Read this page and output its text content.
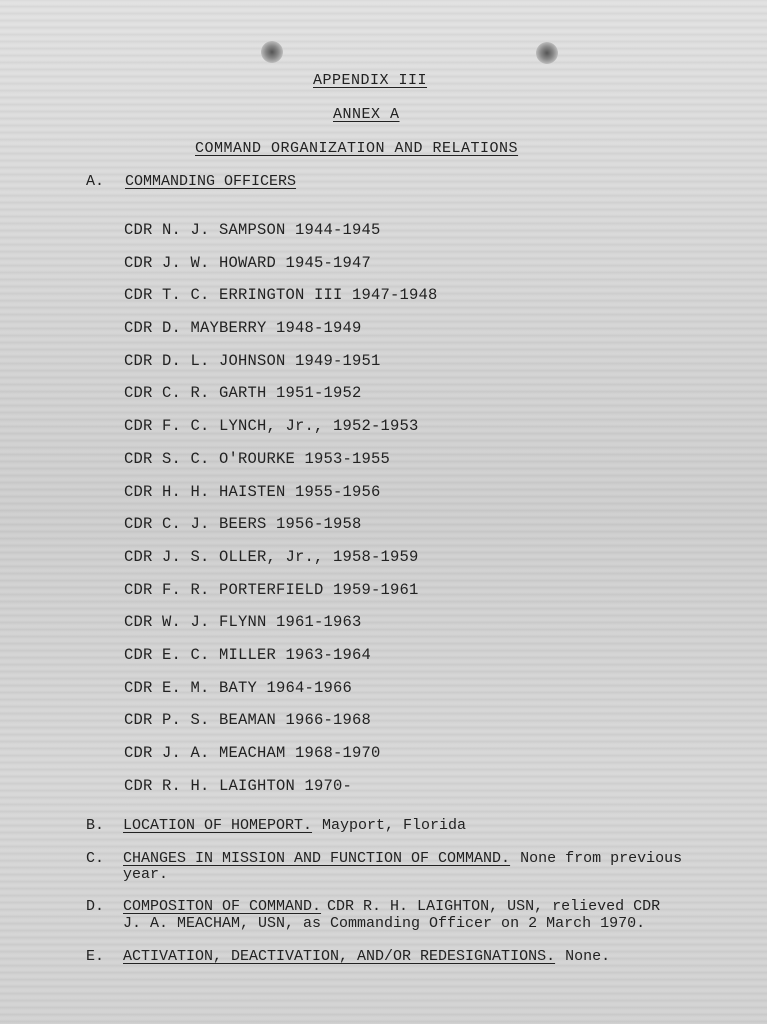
APPENDIX III
ANNEX A
COMMAND ORGANIZATION AND RELATIONS
A. COMMANDING OFFICERS
CDR N. J. SAMPSON 1944-1945
CDR J. W. HOWARD 1945-1947
CDR T. C. ERRINGTON III 1947-1948
CDR D. MAYBERRY 1948-1949
CDR D. L. JOHNSON 1949-1951
CDR C. R. GARTH 1951-1952
CDR F. C. LYNCH, Jr., 1952-1953
CDR S. C. O'ROURKE 1953-1955
CDR H. H. HAISTEN 1955-1956
CDR C. J. BEERS 1956-1958
CDR J. S. OLLER, Jr., 1958-1959
CDR F. R. PORTERFIELD 1959-1961
CDR W. J. FLYNN 1961-1963
CDR E. C. MILLER 1963-1964
CDR E. M. BATY 1964-1966
CDR P. S. BEAMAN 1966-1968
CDR J. A. MEACHAM 1968-1970
CDR R. H. LAIGHTON 1970-
B. LOCATION OF HOMEPORT. Mayport, Florida
C. CHANGES IN MISSION AND FUNCTION OF COMMAND. None from previous
year.
D. COMPOSITON OF COMMAND. CDR R. H. LAIGHTON, USN, relieved CDR
J. A. MEACHAM, USN, as Commanding Officer on 2 March 1970.
E. ACTIVATION, DEACTIVATION, AND/OR REDESIGNATIONS. None.
